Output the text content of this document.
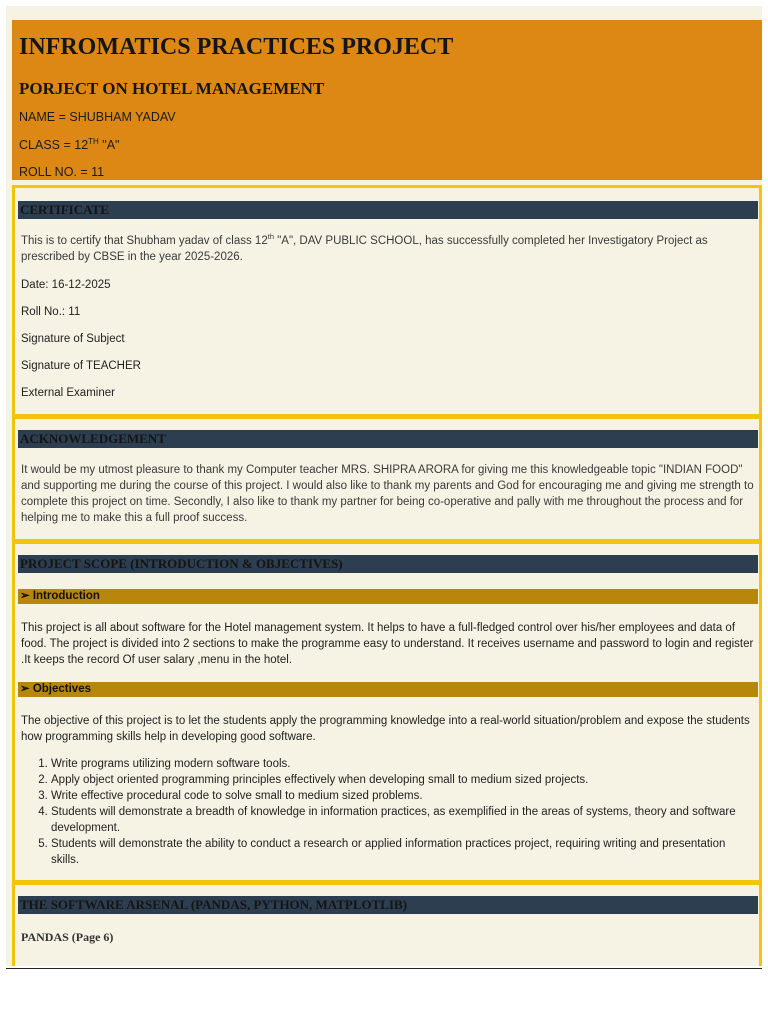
INFROMATICS PRACTICES PROJECT
PORJECT ON HOTEL MANAGEMENT
NAME = SHUBHAM YADAV
CLASS = 12TH "A"
ROLL NO. = 11
CERTIFICATE
This is to certify that Shubham yadav of class 12th "A", DAV PUBLIC SCHOOL, has successfully completed her Investigatory Project as prescribed by CBSE in the year 2025-2026.
Date: 16-12-2025
Roll No.: 11
Signature of Subject
Signature of TEACHER
External Examiner
ACKNOWLEDGEMENT
It would be my utmost pleasure to thank my Computer teacher MRS. SHIPRA ARORA for giving me this knowledgeable topic "INDIAN FOOD" and supporting me during the course of this project. I would also like to thank my parents and God for encouraging me and giving me strength to complete this project on time. Secondly, I also like to thank my partner for being co-operative and pally with me throughout the process and for helping me to make this a full proof success.
PROJECT SCOPE (INTRODUCTION & OBJECTIVES)
➢ Introduction
This project is all about software for the Hotel management system. It helps to have a full-fledged control over his/her employees and data of food. The project is divided into 2 sections to make the programme easy to understand. It receives username and password to login and register .It keeps the record Of user salary ,menu in the hotel.
➢ Objectives
The objective of this project is to let the students apply the programming knowledge into a real-world situation/problem and expose the students how programming skills help in developing good software.
1. Write programs utilizing modern software tools.
2. Apply object oriented programming principles effectively when developing small to medium sized projects.
3. Write effective procedural code to solve small to medium sized problems.
4. Students will demonstrate a breadth of knowledge in information practices, as exemplified in the areas of systems, theory and software development.
5. Students will demonstrate the ability to conduct a research or applied information practices project, requiring writing and presentation skills.
THE SOFTWARE ARSENAL (PANDAS, PYTHON, MATPLOTLIB)
PANDAS (Page 6)
